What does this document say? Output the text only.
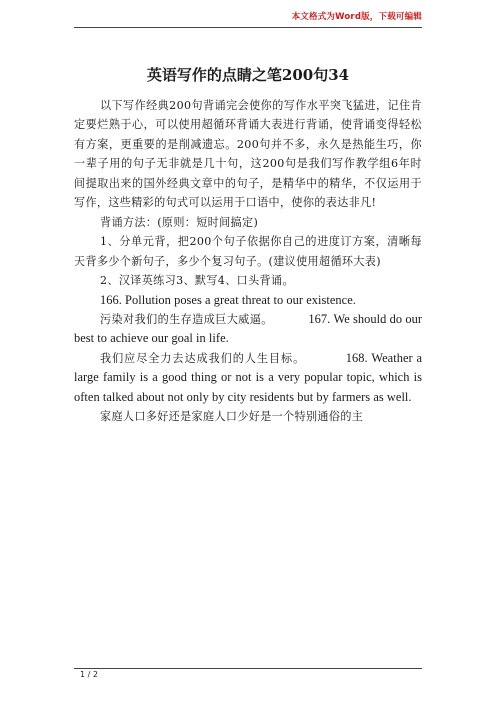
本文格式为Word版，下载可编辑
英语写作的点睛之笔200句34

以下写作经典200句背诵完会使你的写作水平突飞猛进，记住肯定要烂熟于心，可以使用超循环背诵大表进行背诵，使背诵变得轻松有方案，更重要的是削减遗忘。200句并不多，永久是热能生巧，你一辈子用的句子无非就是几十句，这200句是我们写作教学组6年时间提取出来的国外经典文章中的句子，是精华中的精华，不仅运用于写作，这些精彩的句式可以运用于口语中，使你的表达非凡!

背诵方法：(原则：短时间搞定)

1、分单元背，把200个句子依据你自己的进度订方案，清晰每天背多少个新句子，多少个复习句子。(建议使用超循环大表)

2、汉译英练习3、默写4、口头背诵。

166. Pollution poses a great threat to our existence.

污染对我们的生存造成巨大威逼。	167. We should do our best to achieve our goal in life.

我们应尽全力去达成我们的人生目标。	168. Weather a large family is a good thing or not is a very popular topic, which is often talked about not only by city residents but by farmers as well.

家庭人口多好还是家庭人口少好是一个特别通俗的主

1 / 2
